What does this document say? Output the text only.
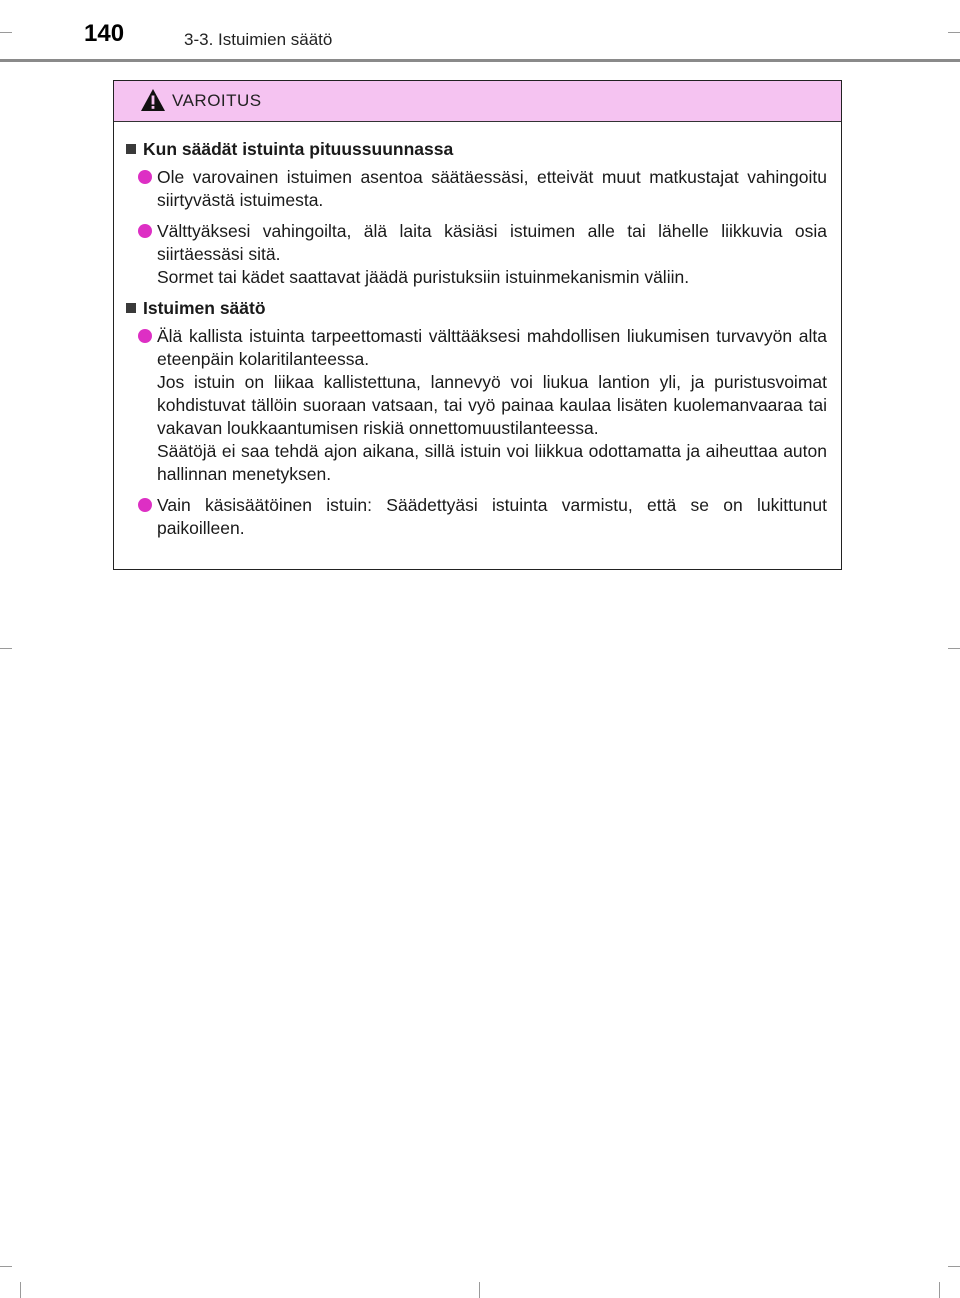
140	3-3. Istuimien säätö
VAROITUS
Kun säädät istuinta pituussuunnassa
Ole varovainen istuimen asentoa säätäessäsi, etteivät muut matkustajat vahingoitu siirtyvästä istuimesta.
Välttyäksesi vahingoilta, älä laita käsiäsi istuimen alle tai lähelle liikkuvia osia siirtäessäsi sitä.
Sormet tai kädet saattavat jäädä puristuksiin istuinmekanismin väliin.
Istuimen säätö
Älä kallista istuinta tarpeettomasti välttääksesi mahdollisen liukumisen turvavyön alta eteenpäin kolaritilanteessa.
Jos istuin on liikaa kallistettuna, lannevyö voi liukua lantion yli, ja puristusvoimat kohdistuvat tällöin suoraan vatsaan, tai vyö painaa kaulaa lisäten kuolemanvaaraa tai vakavan loukkaantumisen riskiä onnettomuustilanteessa.
Säätöjä ei saa tehdä ajon aikana, sillä istuin voi liikkua odottamatta ja aiheuttaa auton hallinnan menetyksen.
Vain käsisäätöinen istuin: Säädettyäsi istuinta varmistu, että se on lukittunut paikoilleen.
